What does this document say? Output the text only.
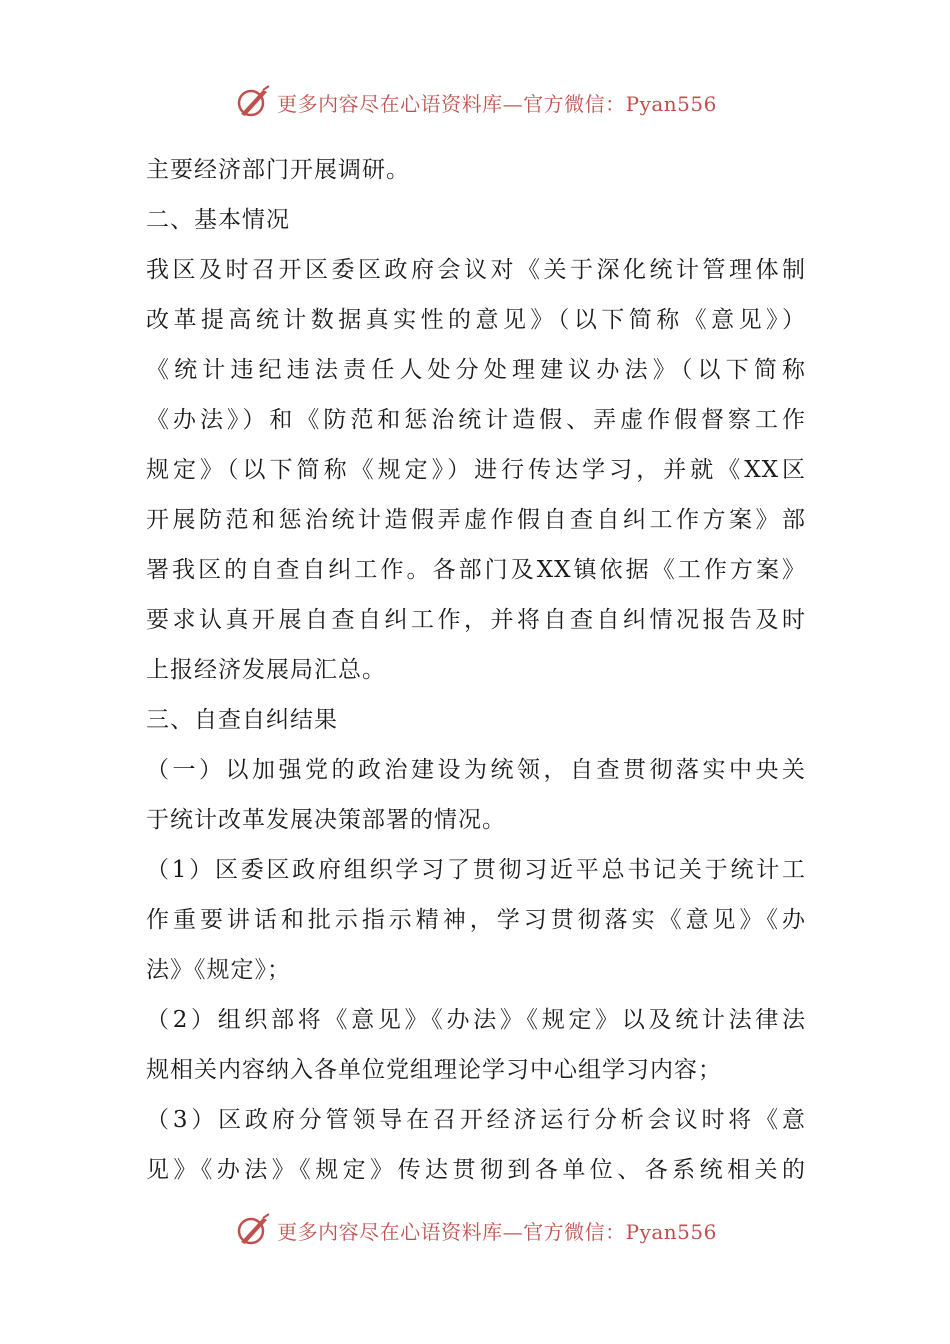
更多内容尽在心语资料库—官方微信：Pyan556
主要经济部门开展调研。
二、基本情况
我区及时召开区委区政府会议对《关于深化统计管理体制
改革提高统计数据真实性的意见》（以下简称《意见》）
《统计违纪违法责任人处分处理建议办法》（以下简称
《办法》）和《防范和惩治统计造假、弄虚作假督察工作
规定》（以下简称《规定》）进行传达学习，并就《XX区
开展防范和惩治统计造假弄虚作假自查自纠工作方案》部
署我区的自查自纠工作。各部门及XX镇依据《工作方案》
要求认真开展自查自纠工作，并将自查自纠情况报告及时
上报经济发展局汇总。
三、自查自纠结果
（一）以加强党的政治建设为统领，自查贯彻落实中央关
于统计改革发展决策部署的情况。
（1）区委区政府组织学习了贯彻习近平总书记关于统计工
作重要讲话和批示指示精神，学习贯彻落实《意见》《办
法》《规定》；
（2）组织部将《意见》《办法》《规定》以及统计法律法
规相关内容纳入各单位党组理论学习中心组学习内容；
（3）区政府分管领导在召开经济运行分析会议时将《意
见》《办法》《规定》传达贯彻到各单位、各系统相关的
更多内容尽在心语资料库—官方微信：Pyan556
